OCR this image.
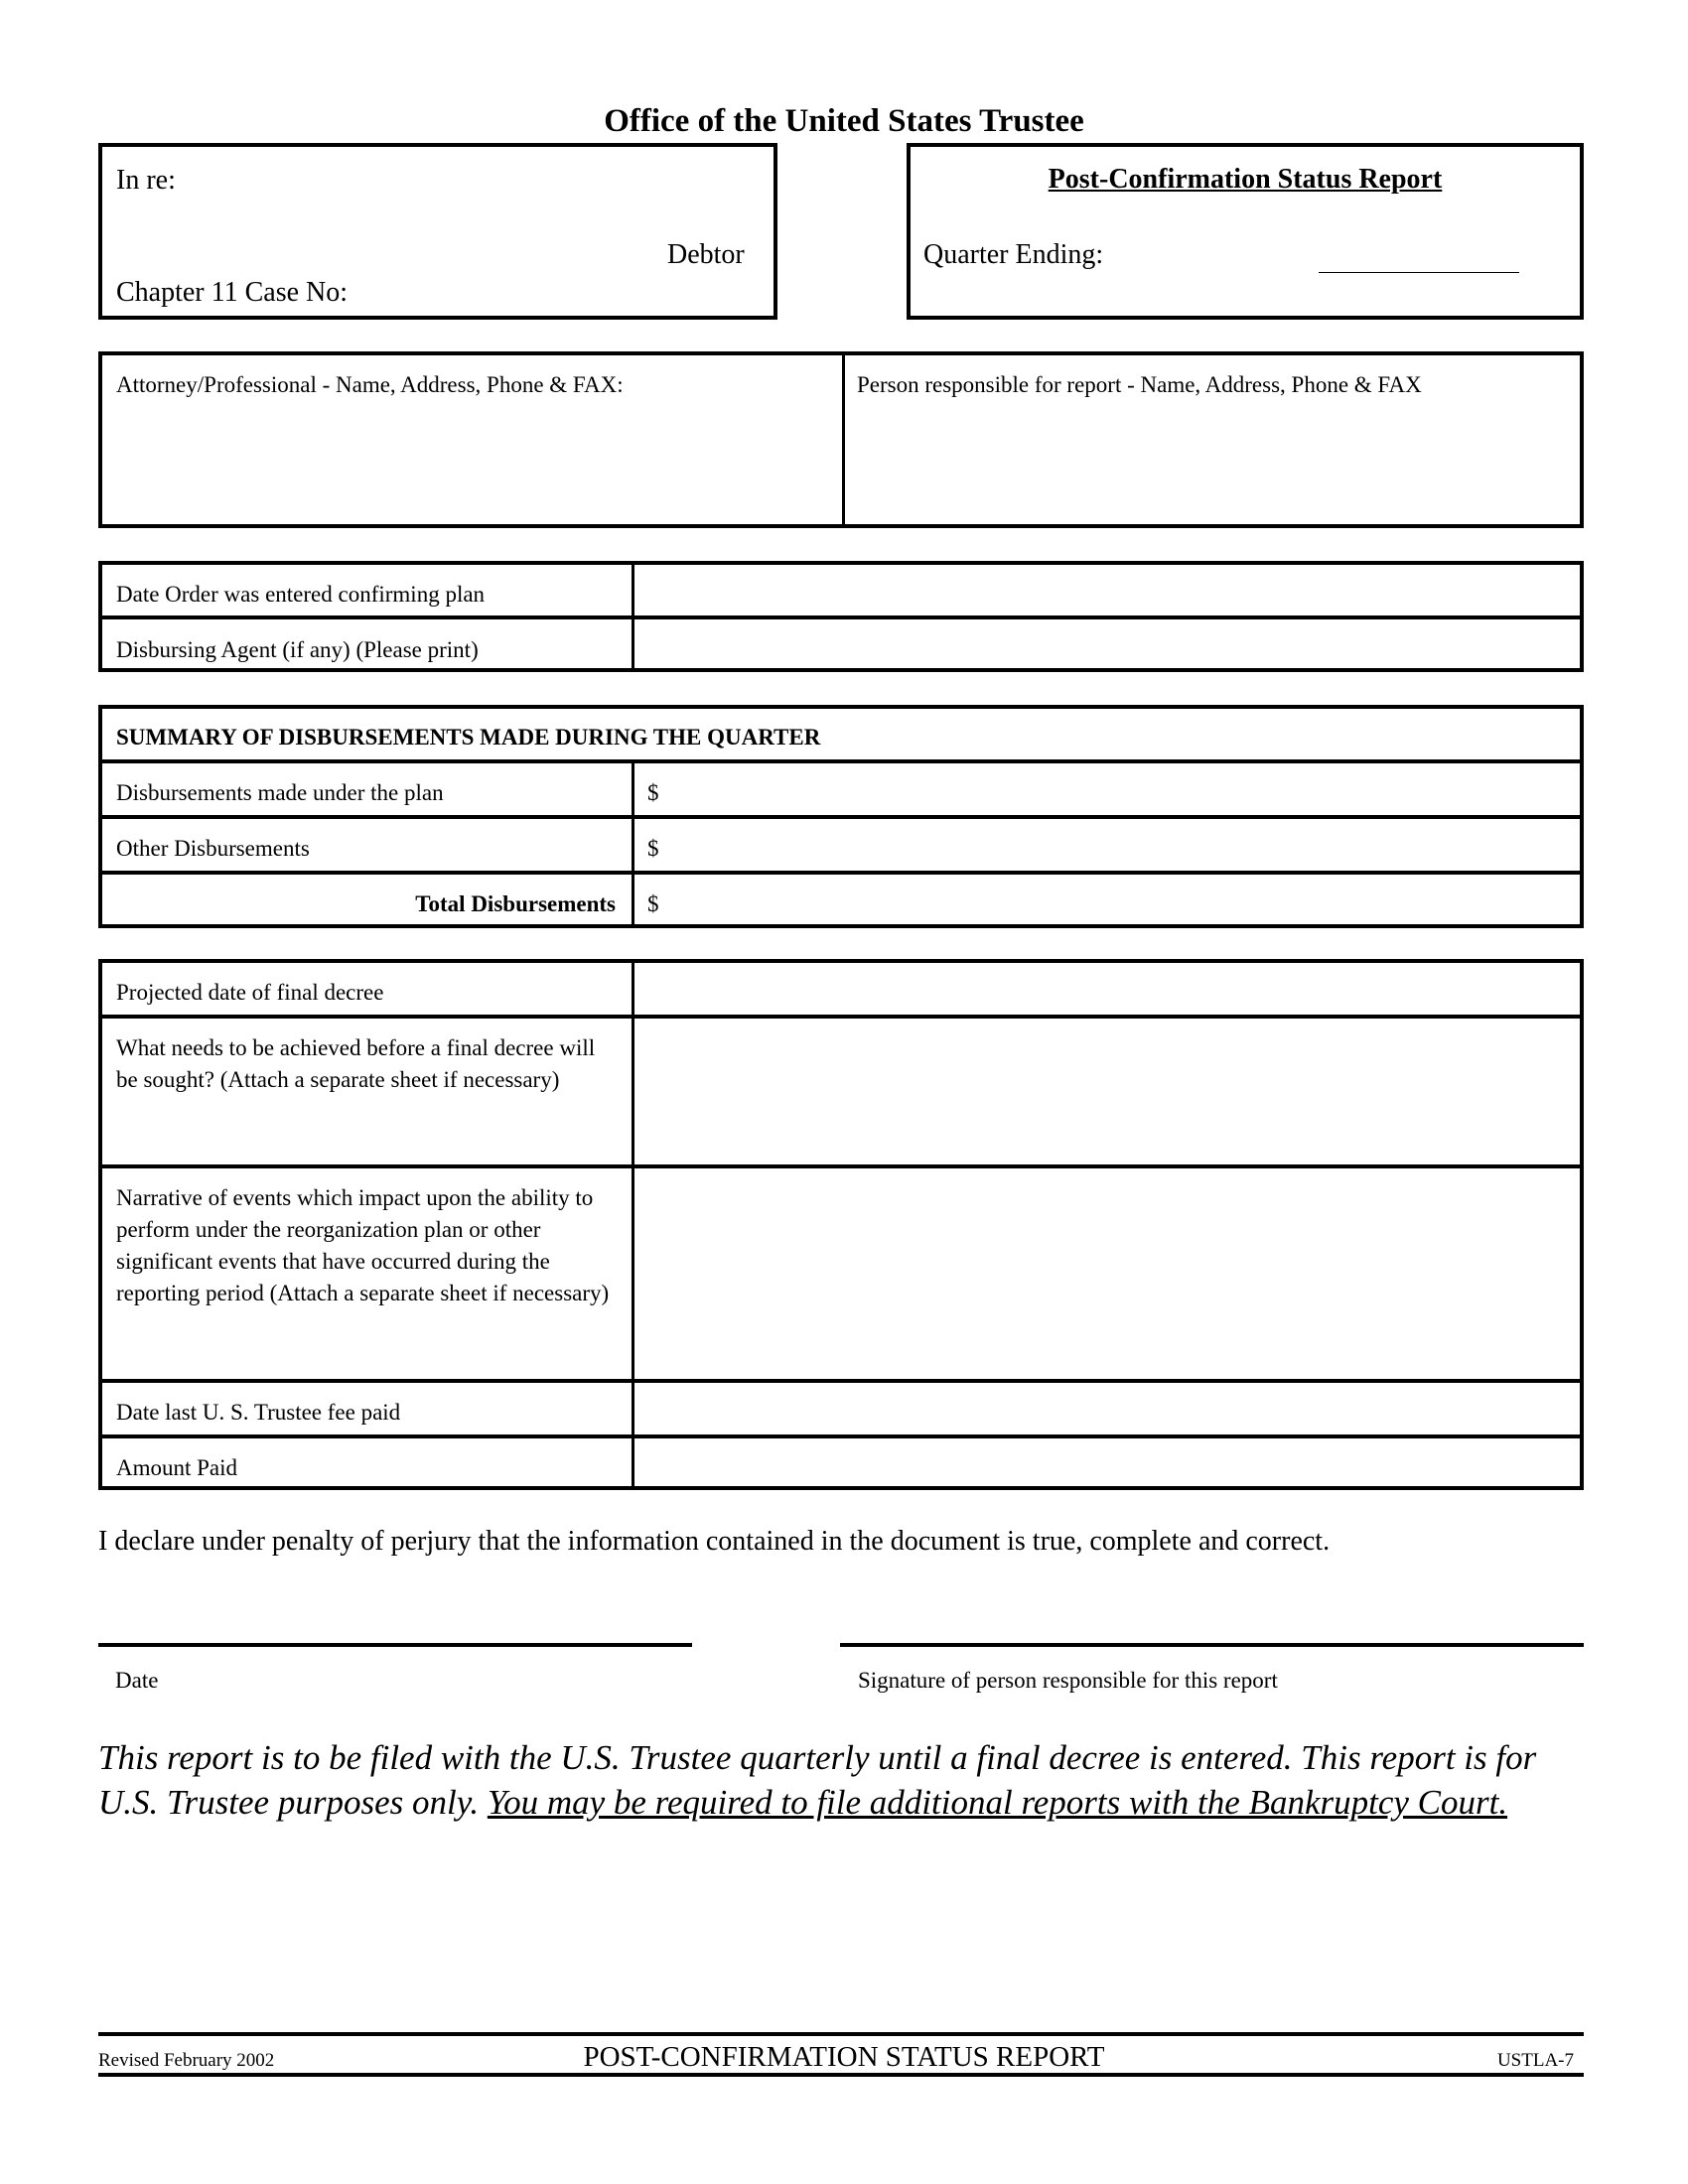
Office of the United States Trustee
In re:
Debtor
Chapter 11 Case No:
Post-Confirmation Status Report
Quarter Ending:
Attorney/Professional - Name, Address, Phone & FAX:	Person responsible for report - Name, Address, Phone & FAX
Date Order was entered confirming plan
Disbursing Agent (if any) (Please print)
SUMMARY OF DISBURSEMENTS MADE DURING THE QUARTER
Disbursements made under the plan	$
Other Disbursements	$
Total Disbursements $
Projected date of final decree
What needs to be achieved before a final decree will be sought? (Attach a separate sheet if necessary)
Narrative of events which impact upon the ability to perform under the reorganization plan or other significant events that have occurred during the reporting period (Attach a separate sheet if necessary)
Date last U. S. Trustee fee paid
Amount Paid
I declare under penalty of perjury that the information contained in the document is true, complete and correct.
Date	Signature of person responsible for this report
This report is to be filed with the U.S. Trustee quarterly until a final decree is entered. This report is for U.S. Trustee purposes only. You may be required to file additional reports with the Bankruptcy Court.
Revised February 2002	POST-CONFIRMATION STATUS REPORT	USTLA-7
